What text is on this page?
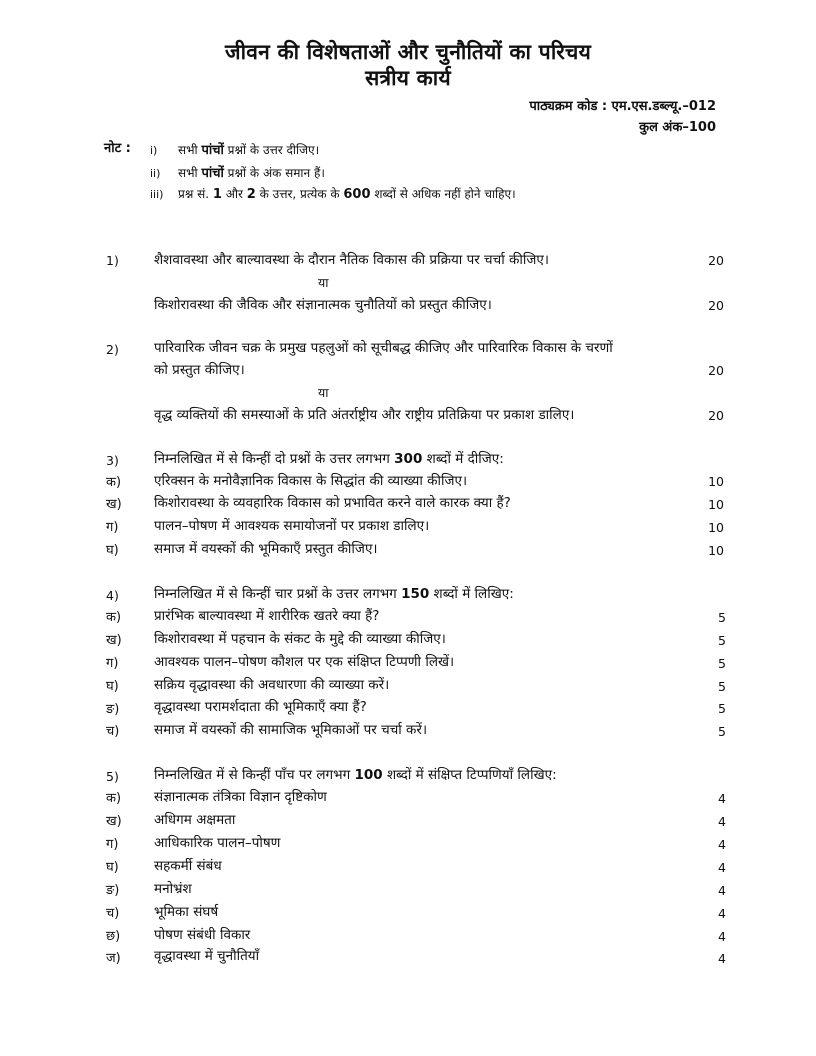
जीवन की विशेषताओं और चुनौतियों का परिचय
सत्रीय कार्य
पाठ्यक्रम कोड : एम.एस.डब्ल्यू.–012
कुल अंक–100
नोट : i) सभी पांचों प्रश्नों के उत्तर दीजिए।
ii) सभी पांचों प्रश्नों के अंक समान हैं।
iii) प्रश्न सं. 1 और 2 के उत्तर, प्रत्येक के 600 शब्दों से अधिक नहीं होने चाहिए।
1)	शैशवावस्था और बाल्यावस्था के दौरान नैतिक विकास की प्रक्रिया पर चर्चा कीजिए।	20
या
किशोरावस्था की जैविक और संज्ञानात्मक चुनौतियों को प्रस्तुत कीजिए।	20
2)	पारिवारिक जीवन चक्र के प्रमुख पहलुओं को सूचीबद्ध कीजिए और पारिवारिक विकास के चरणों
को प्रस्तुत कीजिए।	20
या
वृद्ध व्यक्तियों की समस्याओं के प्रति अंतर्राष्ट्रीय और राष्ट्रीय प्रतिक्रिया पर प्रकाश डालिए।	20
3)	निम्नलिखित में से किन्हीं दो प्रश्नों के उत्तर लगभग 300 शब्दों में दीजिए:
क) एरिक्सन के मनोवैज्ञानिक विकास के सिद्धांत की व्याख्या कीजिए।	10
ख) किशोरावस्था के व्यवहारिक विकास को प्रभावित करने वाले कारक क्या हैं?	10
ग)	पालन–पोषण में आवश्यक समायोजनों पर प्रकाश डालिए।	10
घ)	समाज में वयस्कों की भूमिकाएँ प्रस्तुत कीजिए।	10
4)	निम्नलिखित में से किन्हीं चार प्रश्नों के उत्तर लगभग 150 शब्दों में लिखिए:
क) प्रारंभिक बाल्यावस्था में शारीरिक खतरे क्या हैं?	5
ख) किशोरावस्था में पहचान के संकट के मुद्दे की व्याख्या कीजिए।	5
ग)	आवश्यक पालन–पोषण कौशल पर एक संक्षिप्त टिप्पणी लिखें।	5
घ)	सक्रिय वृद्धावस्था की अवधारणा की व्याख्या करें।	5
ङ)	वृद्धावस्था परामर्शदाता की भूमिकाएँ क्या हैं?	5
च)	समाज में वयस्कों की सामाजिक भूमिकाओं पर चर्चा करें।	5
5)	निम्नलिखित में से किन्हीं पाँच पर लगभग 100 शब्दों में संक्षिप्त टिप्पणियाँ लिखिए:
क) संज्ञानात्मक तंत्रिका विज्ञान दृष्टिकोण	4
ख) अधिगम अक्षमता	4
ग)	आधिकारिक पालन–पोषण	4
घ)	सहकर्मी संबंध	4
ङ)	मनोभ्रंश	4
च)	भूमिका संघर्ष	4
छ)	पोषण संबंधी विकार	4
ज) वृद्धावस्था में चुनौतियाँ	4
